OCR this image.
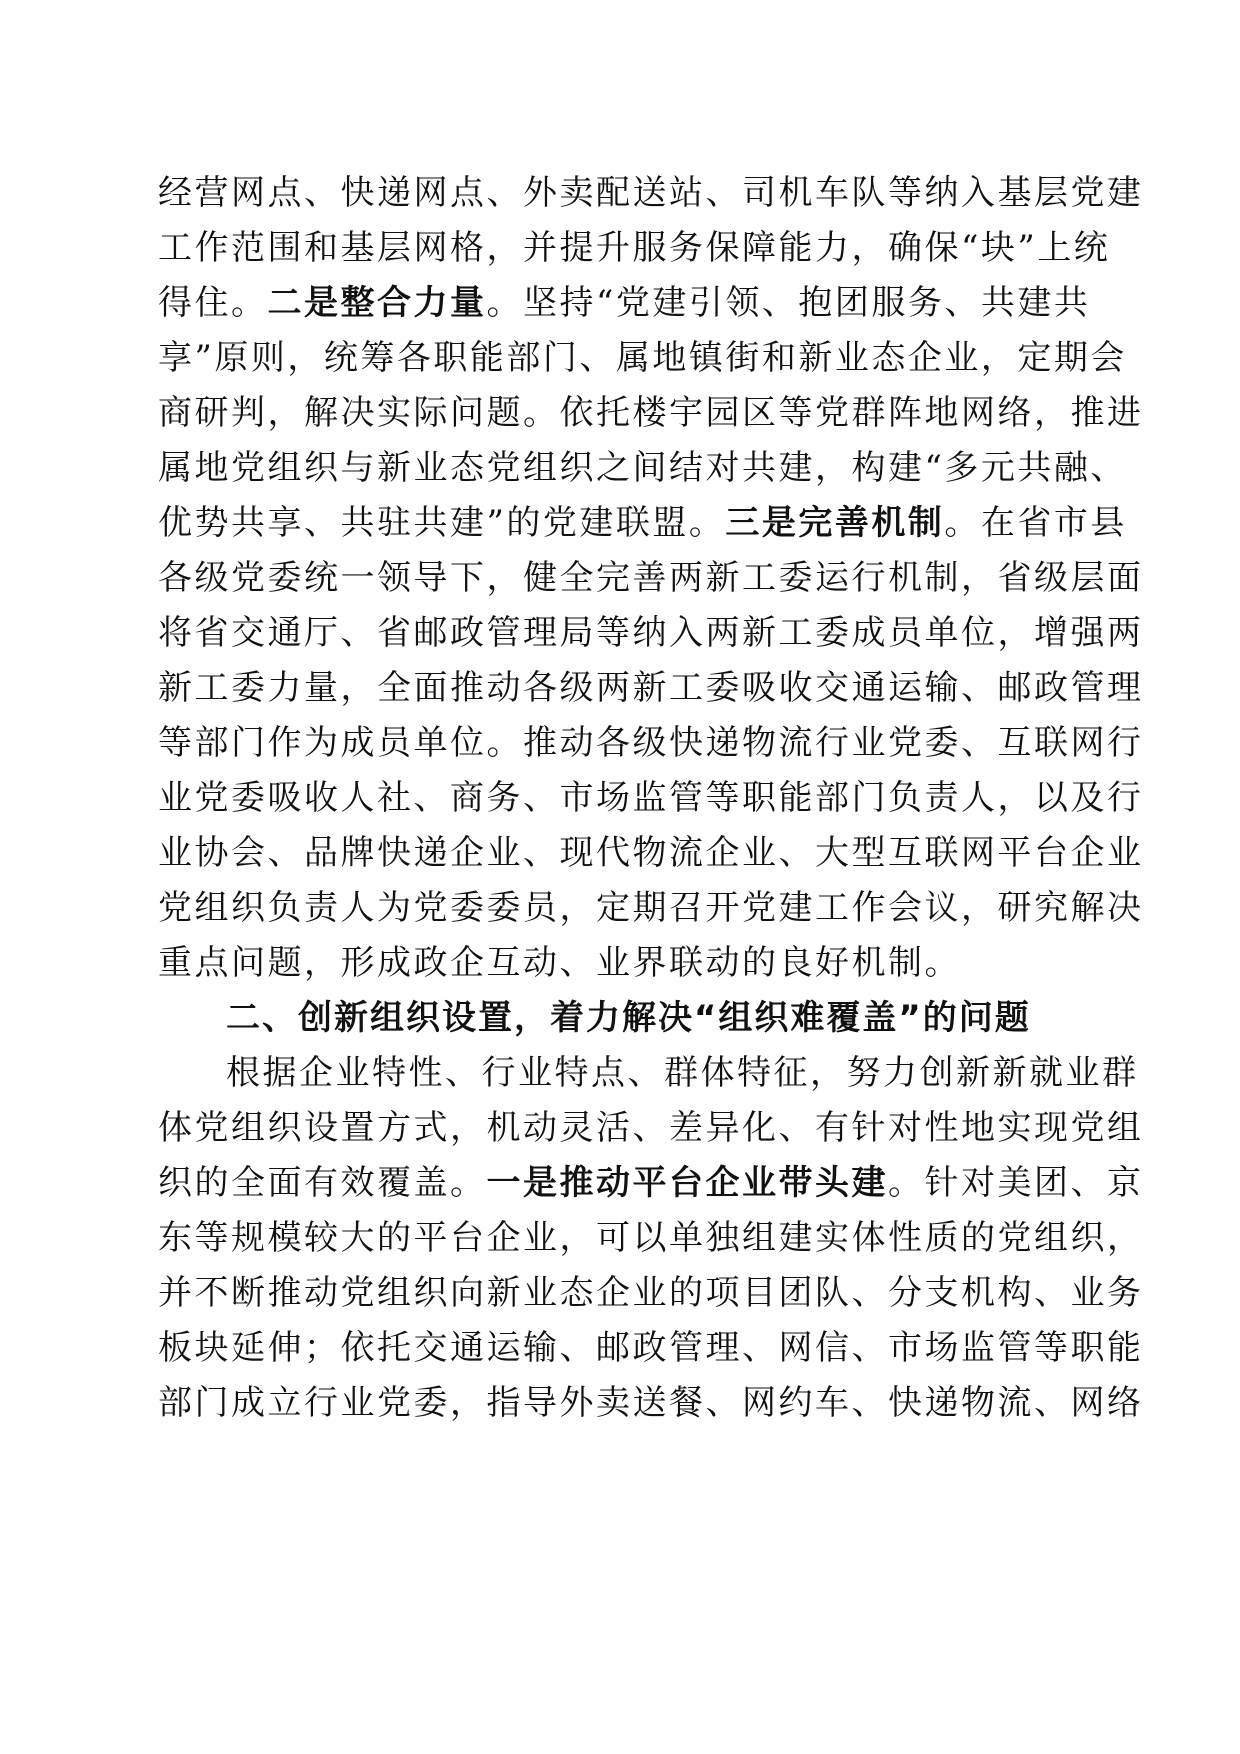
经营网点、快递网点、外卖配送站、司机车队等纳入基层党建
工作范围和基层网格，并提升服务保障能力，确保“块”上统
得住。二是整合力量。坚持“党建引领、抱团服务、共建共
享”原则，统筹各职能部门、属地镇街和新业态企业，定期会
商研判，解决实际问题。依托楼宇园区等党群阵地网络，推进
属地党组织与新业态党组织之间结对共建，构建“多元共融、
优势共享、共驻共建”的党建联盟。三是完善机制。在省市县
各级党委统一领导下，健全完善两新工委运行机制，省级层面
将省交通厅、省邮政管理局等纳入两新工委成员单位，增强两
新工委力量，全面推动各级两新工委吸收交通运输、邮政管理
等部门作为成员单位。推动各级快递物流行业党委、互联网行
业党委吸收人社、商务、市场监管等职能部门负责人，以及行
业协会、品牌快递企业、现代物流企业、大型互联网平台企业
党组织负责人为党委委员，定期召开党建工作会议，研究解决
重点问题，形成政企互动、业界联动的良好机制。
二、创新组织设置，着力解决“组织难覆盖”的问题
根据企业特性、行业特点、群体特征，努力创新新就业群
体党组织设置方式，机动灵活、差异化、有针对性地实现党组
织的全面有效覆盖。一是推动平台企业带头建。针对美团、京
东等规模较大的平台企业，可以单独组建实体性质的党组织，
并不断推动党组织向新业态企业的项目团队、分支机构、业务
板块延伸；依托交通运输、邮政管理、网信、市场监管等职能
部门成立行业党委，指导外卖送餐、网约车、快递物流、网络
